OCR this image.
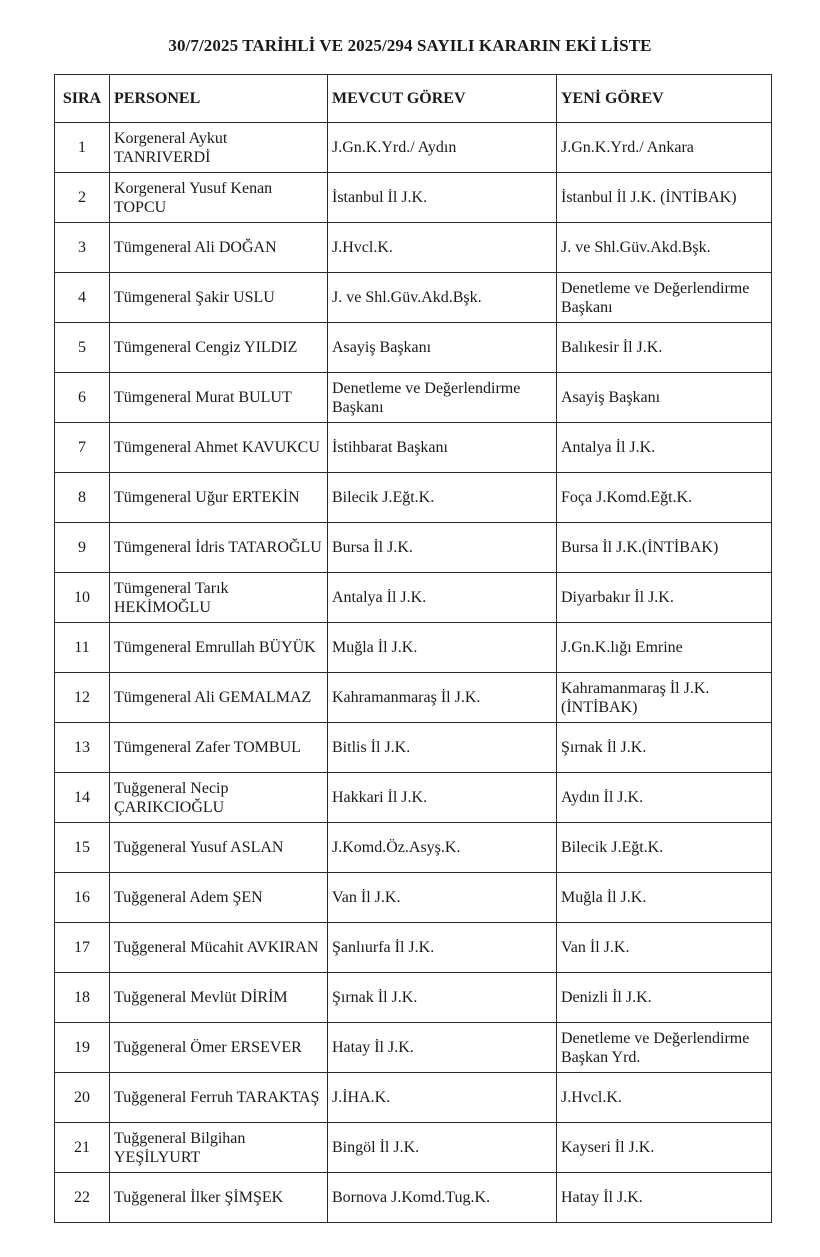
30/7/2025 TARİHLİ VE 2025/294 SAYILI KARARIN EKİ LİSTE
SIRA	PERSONEL	MEVCUT GÖREV	YENİ GÖREV
1	Korgeneral Aykut TANRIVERDİ	J.Gn.K.Yrd./ Aydın	J.Gn.K.Yrd./ Ankara
2	Korgeneral Yusuf Kenan TOPCU	İstanbul İl J.K.	İstanbul İl J.K. (İNTİBAK)
3	Tümgeneral Ali DOĞAN	J.Hvcl.K.	J. ve Shl.Güv.Akd.Bşk.
4	Tümgeneral Şakir USLU	J. ve Shl.Güv.Akd.Bşk.	Denetleme ve Değerlendirme Başkanı
5	Tümgeneral Cengiz YILDIZ	Asayiş Başkanı	Balıkesir İl J.K.
6	Tümgeneral Murat BULUT	Denetleme ve Değerlendirme Başkanı	Asayiş Başkanı
7	Tümgeneral Ahmet KAVUKCU	İstihbarat Başkanı	Antalya İl J.K.
8	Tümgeneral Uğur ERTEKİN	Bilecik J.Eğt.K.	Foça J.Komd.Eğt.K.
9	Tümgeneral İdris TATAROĞLU	Bursa İl J.K.	Bursa İl J.K.(İNTİBAK)
10	Tümgeneral Tarık HEKİMOĞLU	Antalya İl J.K.	Diyarbakır İl J.K.
11	Tümgeneral Emrullah BÜYÜK	Muğla İl J.K.	J.Gn.K.lığı Emrine
12	Tümgeneral Ali GEMALMAZ	Kahramanmaraş İl J.K.	Kahramanmaraş İl J.K. (İNTİBAK)
13	Tümgeneral Zafer TOMBUL	Bitlis İl J.K.	Şırnak İl J.K.
14	Tuğgeneral Necip ÇARIKCIOĞLU	Hakkari İl J.K.	Aydın İl J.K.
15	Tuğgeneral Yusuf ASLAN	J.Komd.Öz.Asyş.K.	Bilecik J.Eğt.K.
16	Tuğgeneral Adem ŞEN	Van İl J.K.	Muğla İl J.K.
17	Tuğgeneral Mücahit AVKIRAN	Şanlıurfa İl J.K.	Van İl J.K.
18	Tuğgeneral Mevlüt DİRİM	Şırnak İl J.K.	Denizli İl J.K.
19	Tuğgeneral Ömer ERSEVER	Hatay İl J.K.	Denetleme ve Değerlendirme Başkan Yrd.
20	Tuğgeneral Ferruh TARAKTAŞ	J.İHA.K.	J.Hvcl.K.
21	Tuğgeneral Bilgihan YEŞİLYURT	Bingöl İl J.K.	Kayseri İl J.K.
22	Tuğgeneral İlker ŞİMŞEK	Bornova J.Komd.Tug.K.	Hatay İl J.K.
